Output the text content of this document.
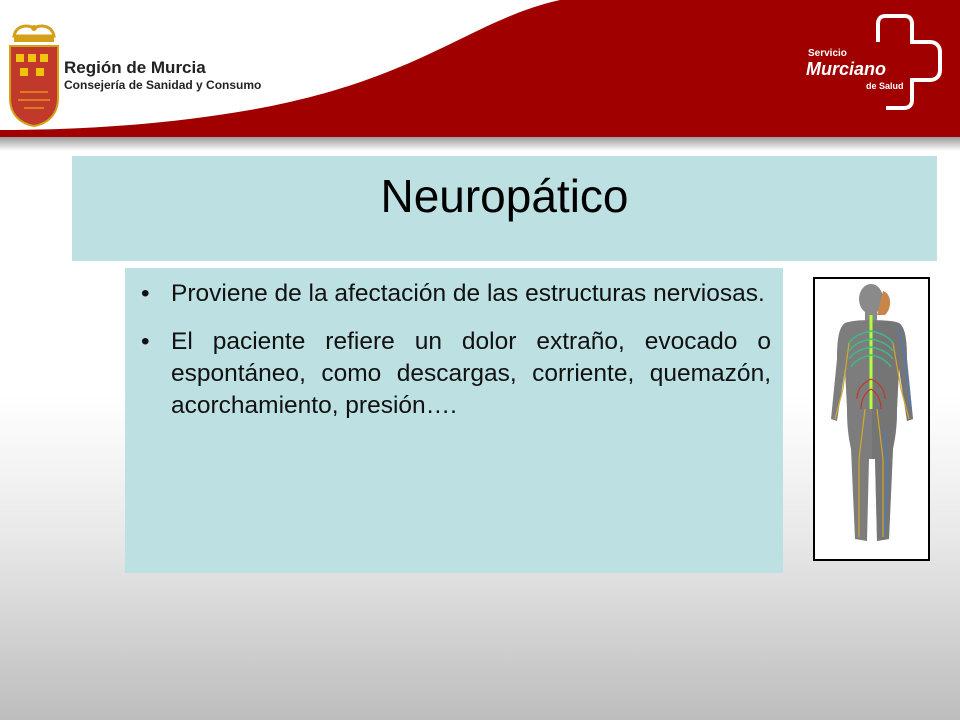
Región de Murcia
Consejería de Sanidad y Consumo
Servicio
Murciano
de Salud
Neuropático
• Proviene de la afectación de las estructuras nerviosas.
• El paciente refiere un dolor extraño, evocado o espontáneo, como descargas, corriente, quemazón, acorchamiento, presión….
